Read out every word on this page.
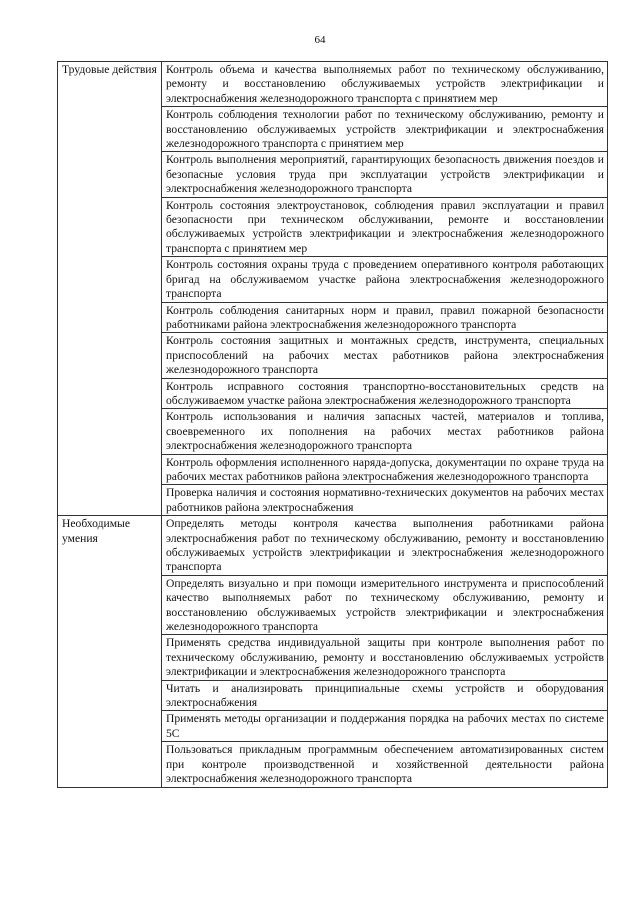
64
Трудовые действия	Контроль объема и качества выполняемых работ по техническому обслуживанию, ремонту и восстановлению обслуживаемых устройств электрификации и электроснабжения железнодорожного транспорта с принятием мер
	Контроль соблюдения технологии работ по техническому обслуживанию, ремонту и восстановлению обслуживаемых устройств электрификации и электроснабжения железнодорожного транспорта с принятием мер
	Контроль выполнения мероприятий, гарантирующих безопасность движения поездов и безопасные условия труда при эксплуатации устройств электрификации и электроснабжения железнодорожного транспорта
	Контроль состояния электроустановок, соблюдения правил эксплуатации и правил безопасности при техническом обслуживании, ремонте и восстановлении обслуживаемых устройств электрификации и электроснабжения железнодорожного транспорта с принятием мер
	Контроль состояния охраны труда с проведением оперативного контроля работающих бригад на обслуживаемом участке района электроснабжения железнодорожного транспорта
	Контроль соблюдения санитарных норм и правил, правил пожарной безопасности работниками района электроснабжения железнодорожного транспорта
	Контроль состояния защитных и монтажных средств, инструмента, специальных приспособлений на рабочих местах работников района электроснабжения железнодорожного транспорта
	Контроль исправного состояния транспортно-восстановительных средств на обслуживаемом участке района электроснабжения железнодорожного транспорта
	Контроль использования и наличия запасных частей, материалов и топлива, своевременного их пополнения на рабочих местах работников района электроснабжения железнодорожного транспорта
	Контроль оформления исполненного наряда-допуска, документации по охране труда на рабочих местах работников района электроснабжения железнодорожного транспорта
	Проверка наличия и состояния нормативно-технических документов на рабочих местах работников района электроснабжения
Необходимые умения	Определять методы контроля качества выполнения работниками района электроснабжения работ по техническому обслуживанию, ремонту и восстановлению обслуживаемых устройств электрификации и электроснабжения железнодорожного транспорта
	Определять визуально и при помощи измерительного инструмента и приспособлений качество выполняемых работ по техническому обслуживанию, ремонту и восстановлению обслуживаемых устройств электрификации и электроснабжения железнодорожного транспорта
	Применять средства индивидуальной защиты при контроле выполнения работ по техническому обслуживанию, ремонту и восстановлению обслуживаемых устройств электрификации и электроснабжения железнодорожного транспорта
	Читать и анализировать принципиальные схемы устройств и оборудования электроснабжения
	Применять методы организации и поддержания порядка на рабочих местах по системе 5С
	Пользоваться прикладным программным обеспечением автоматизированных систем при контроле производственной и хозяйственной деятельности района электроснабжения железнодорожного транспорта
